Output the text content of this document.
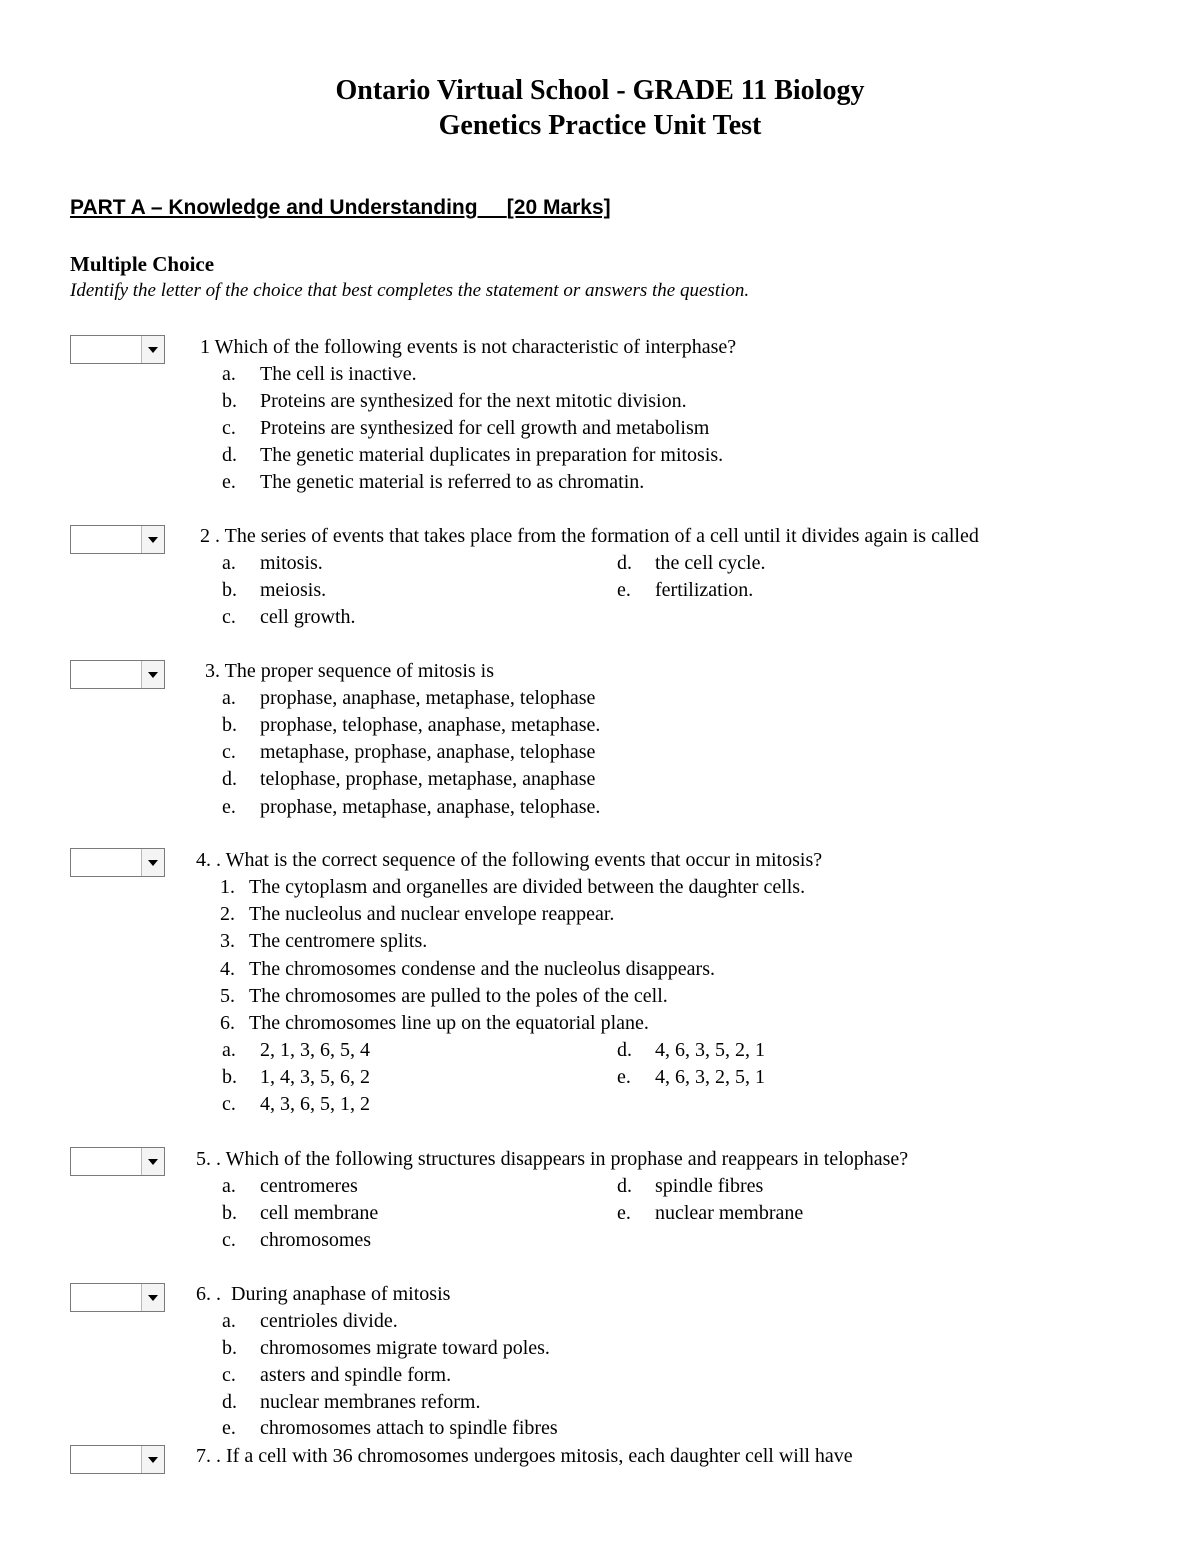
Ontario Virtual School - GRADE 11 Biology
Genetics Practice Unit Test
PART A – Knowledge and Understanding [20 Marks]
Multiple Choice
Identify the letter of the choice that best completes the statement or answers the question.
1 Which of the following events is not characteristic of interphase?
a. The cell is inactive.
b. Proteins are synthesized for the next mitotic division.
c. Proteins are synthesized for cell growth and metabolism
d. The genetic material duplicates in preparation for mitosis.
e. The genetic material is referred to as chromatin.
2 . The series of events that takes place from the formation of a cell until it divides again is called
a. mitosis.
b. meiosis.
c. cell growth.
d. the cell cycle.
e. fertilization.
3. The proper sequence of mitosis is
a. prophase, anaphase, metaphase, telophase
b. prophase, telophase, anaphase, metaphase.
c. metaphase, prophase, anaphase, telophase
d. telophase, prophase, metaphase, anaphase
e. prophase, metaphase, anaphase, telophase.
4. . What is the correct sequence of the following events that occur in mitosis?
1. The cytoplasm and organelles are divided between the daughter cells.
2. The nucleolus and nuclear envelope reappear.
3. The centromere splits.
4. The chromosomes condense and the nucleolus disappears.
5. The chromosomes are pulled to the poles of the cell.
6. The chromosomes line up on the equatorial plane.
a. 2, 1, 3, 6, 5, 4
b. 1, 4, 3, 5, 6, 2
c. 4, 3, 6, 5, 1, 2
d. 4, 6, 3, 5, 2, 1
e. 4, 6, 3, 2, 5, 1
5. . Which of the following structures disappears in prophase and reappears in telophase?
a. centromeres
b. cell membrane
c. chromosomes
d. spindle fibres
e. nuclear membrane
6. .  During anaphase of mitosis
a. centrioles divide.
b. chromosomes migrate toward poles.
c. asters and spindle form.
d. nuclear membranes reform.
e. chromosomes attach to spindle fibres
7. . If a cell with 36 chromosomes undergoes mitosis, each daughter cell will have
